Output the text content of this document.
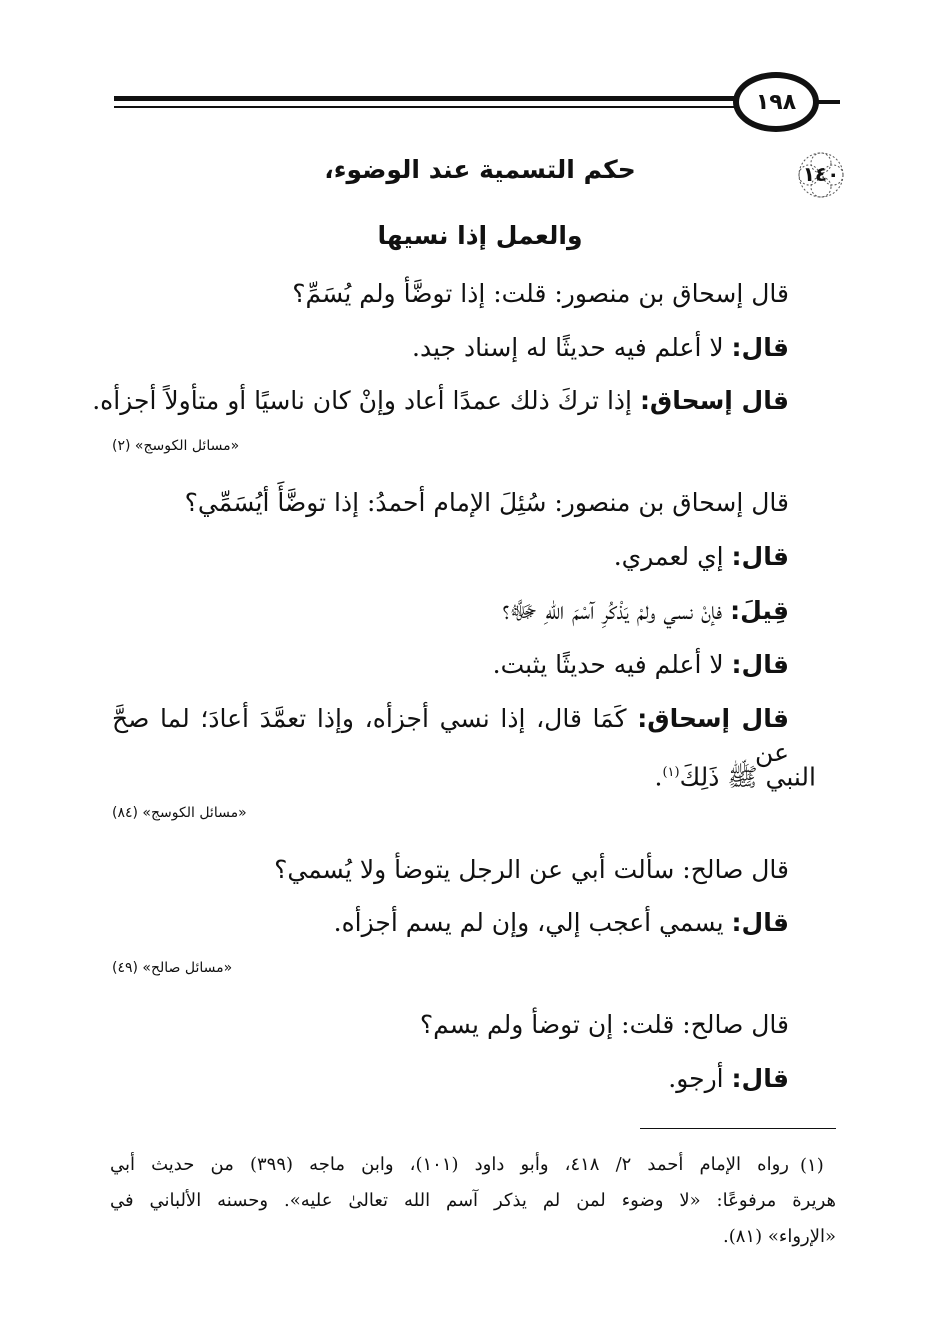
١٩٨
١٤٠
حكم التسمية عند الوضوء،
والعمل إذا نسيها
قال إسحاق بن منصور: قلت: إذا توضَّأ ولم يُسَمِّ؟
قال: لا أعلم فيه حديثًا له إسناد جيد.
قال إسحاق: إذا تركَ ذلك عمدًا أعاد وإنْ كان ناسيًا أو متأولاً أجزأه.
«مسائل الكوسج» (٢)
قال إسحاق بن منصور: سُئِلَ الإمام أحمدُ: إذا توضَّأَ أيُسَمِّي؟
قال: إي لعمري.
قِيلَ: فإنْ نسي ولمْ يَذْكُرِ آسْمَ اللهِ ﷻ؟
قال: لا أعلم فيه حديثًا يثبت.
قال إسحاق: كَمَا قال، إذا نسي أجزأه، وإذا تعمَّدَ أعادَ؛ لما صحَّ عن
النبي ﷺ ذَلِكَ$^{(١)}$.
«مسائل الكوسج» (٨٤)
قال صالح: سألت أبي عن الرجل يتوضأ ولا يُسمي؟
قال: يسمي أعجب إلي، وإن لم يسم أجزأه.
«مسائل صالح» (٤٩)
قال صالح: قلت: إن توضأ ولم يسم؟
قال: أرجو.
(١)
رواه الإمام أحمد ٢/ ٤١٨، وأبو داود (١٠١)، وابن ماجه (٣٩٩) من حديث أبي
هريرة مرفوعًا: «لا وضوء لمن لم يذكر آسم الله تعالىٰ عليه». وحسنه الألباني في
«الإرواء» (٨١).
